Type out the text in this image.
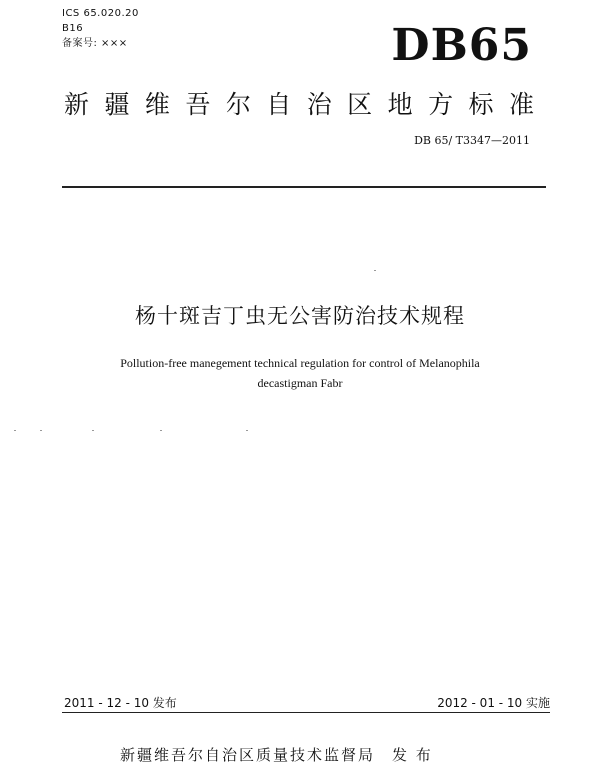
ICS 65.020.20
B16
备案号: ×××	DB65
新 疆 维 吾 尔 自 治 区 地 方 标 准
DB 65/ T3347—2011
杨十斑吉丁虫无公害防治技术规程
Pollution-free manegement technical regulation for control of Melanophila
decastigman Fabr
2011 - 12 - 10 发布	2012 - 01 - 10 实施
新疆维吾尔自治区质量技术监督局　发 布
